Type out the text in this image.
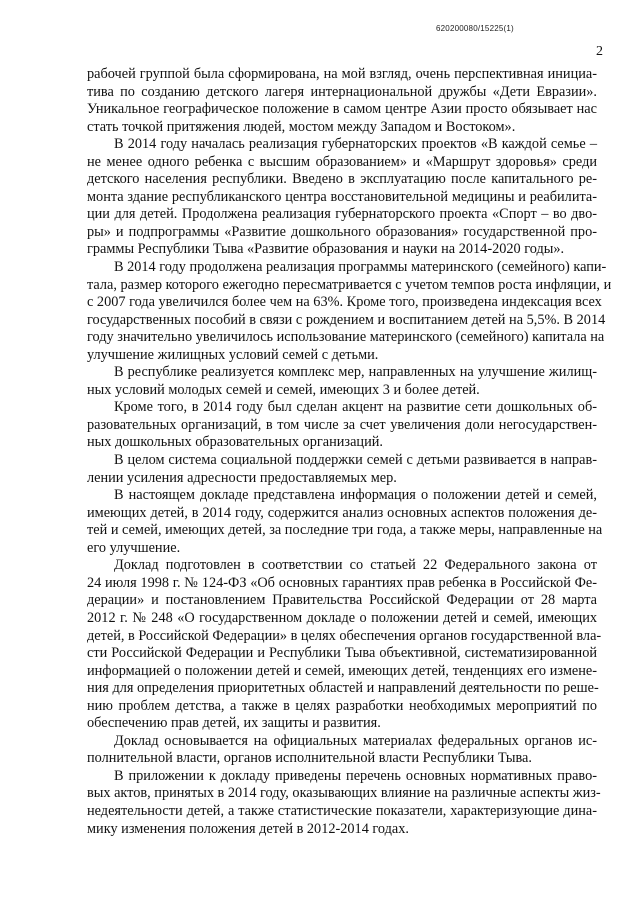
620200080/15225(1)
2
рабочей группой была сформирована, на мой взгляд, очень перспективная инициа-
тива по созданию детского лагеря интернациональной дружбы «Дети Евразии».
Уникальное географическое положение в самом центре Азии просто обязывает нас
стать точкой притяжения людей, мостом между Западом и Востоком».
В 2014 году началась реализация губернаторских проектов «В каждой семье –
не менее одного ребенка с высшим образованием» и «Маршрут здоровья» среди
детского населения республики. Введено в эксплуатацию после капитального ре-
монта здание республиканского центра восстановительной медицины и реабилита-
ции для детей. Продолжена реализация губернаторского проекта «Спорт – во дво-
ры» и подпрограммы «Развитие дошкольного образования» государственной про-
граммы Республики Тыва «Развитие образования и науки на 2014-2020 годы».
В 2014 году продолжена реализация программы материнского (семейного) капи-
тала, размер которого ежегодно пересматривается с учетом темпов роста инфляции, и
с 2007 года увеличился более чем на 63%. Кроме того, произведена индексация всех
государственных пособий в связи с рождением и воспитанием детей на 5,5%. В 2014
году значительно увеличилось использование материнского (семейного) капитала на
улучшение жилищных условий семей с детьми.
В республике реализуется комплекс мер, направленных на улучшение жилищ-
ных условий молодых семей и семей, имеющих 3 и более детей.
Кроме того, в 2014 году был сделан акцент на развитие сети дошкольных об-
разовательных организаций, в том числе за счет увеличения доли негосударствен-
ных дошкольных образовательных организаций.
В целом система социальной поддержки семей с детьми развивается в направ-
лении усиления адресности предоставляемых мер.
В настоящем докладе представлена информация о положении детей и семей,
имеющих детей, в 2014 году, содержится анализ основных аспектов положения де-
тей и семей, имеющих детей, за последние три года, а также меры, направленные на
его улучшение.
Доклад подготовлен в соответствии со статьей 22 Федерального закона от
24 июля 1998 г. № 124-ФЗ «Об основных гарантиях прав ребенка в Российской Фе-
дерации» и постановлением Правительства Российской Федерации от 28 марта
2012 г. № 248 «О государственном докладе о положении детей и семей, имеющих
детей, в Российской Федерации» в целях обеспечения органов государственной вла-
сти Российской Федерации и Республики Тыва объективной, систематизированной
информацией о положении детей и семей, имеющих детей, тенденциях его измене-
ния для определения приоритетных областей и направлений деятельности по реше-
нию проблем детства, а также в целях разработки необходимых мероприятий по
обеспечению прав детей, их защиты и развития.
Доклад основывается на официальных материалах федеральных органов ис-
полнительной власти, органов исполнительной власти Республики Тыва.
В приложении к докладу приведены перечень основных нормативных право-
вых актов, принятых в 2014 году, оказывающих влияние на различные аспекты жиз-
недеятельности детей, а также статистические показатели, характеризующие дина-
мику изменения положения детей в 2012-2014 годах.
